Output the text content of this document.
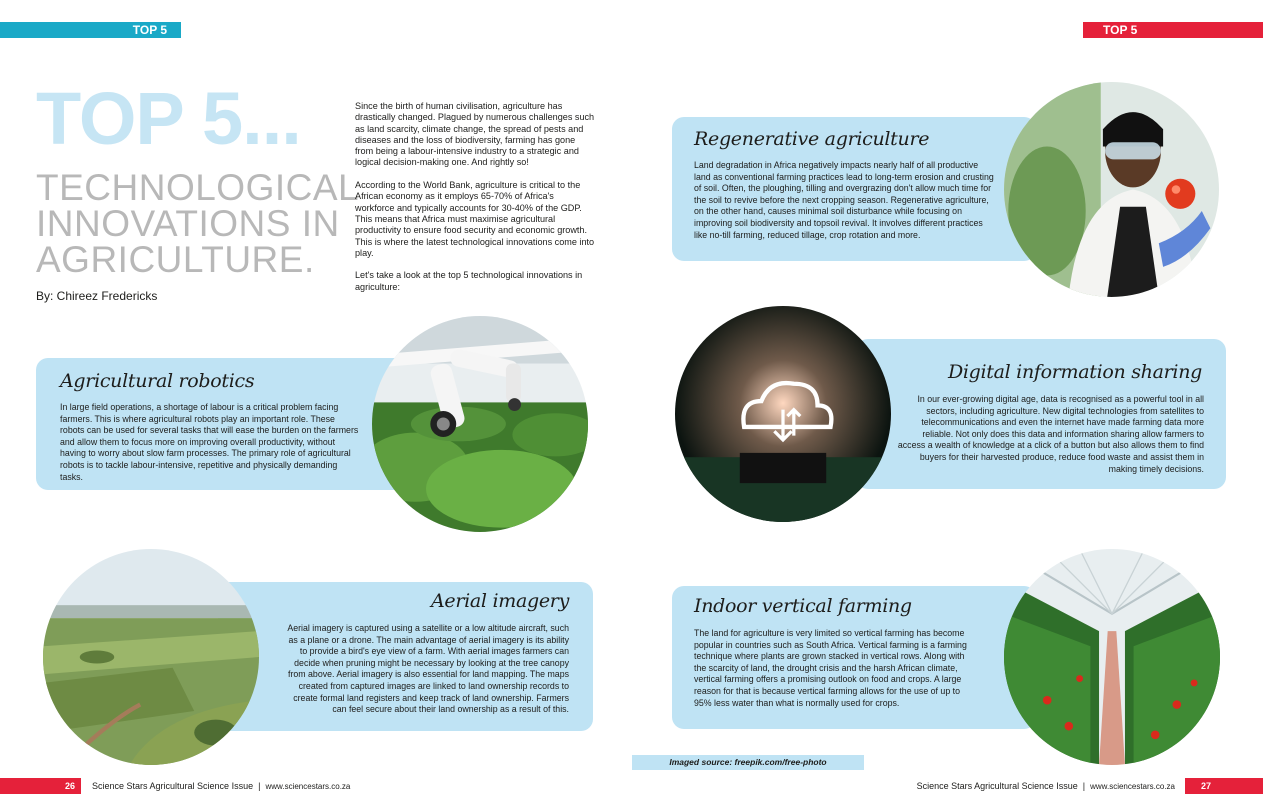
TOP 5	TOP 5
TOP 5...
TECHNOLOGICAL
INNOVATIONS IN
AGRICULTURE.
By: Chireez Fredericks

Since the birth of human civilisation, agriculture has drastically changed. Plagued by numerous challenges such as land scarcity, climate change, the spread of pests and diseases and the loss of biodiversity, farming has gone from being a labour-intensive industry to a strategic and logical decision-making one. And rightly so!

According to the World Bank, agriculture is critical to the African economy as it employs 65-70% of Africa's workforce and typically accounts for 30-40% of the GDP. This means that Africa must maximise agricultural productivity to ensure food security and economic growth. This is where the latest technological innovations come into play.

Let's take a look at the top 5 technological innovations in agriculture:

Regenerative agriculture

Land degradation in Africa negatively impacts nearly half of all productive land as conventional farming practices lead to long-term erosion and crusting of soil. Often, the ploughing, tilling and overgrazing don't allow much time for the soil to revive before the next cropping season. Regenerative agriculture, on the other hand, causes minimal soil disturbance while focusing on improving soil biodiversity and topsoil revival. It involves different practices like no-till farming, reduced tillage, crop rotation and more.

Agricultural robotics

In large field operations, a shortage of labour is a critical problem facing farmers. This is where agricultural robots play an important role. These robots can be used for several tasks that will ease the burden on the farmers and allow them to focus more on improving overall productivity, without having to worry about slow farm processes. The primary role of agricultural robots is to tackle labour-intensive, repetitive and physically demanding tasks.

Digital information sharing

In our ever-growing digital age, data is recognised as a powerful tool in all sectors, including agriculture. New digital technologies from satellites to telecommunications and even the internet have made farming data more reliable. Not only does this data and information sharing allow farmers to access a wealth of knowledge at a click of a button but also allows them to find buyers for their harvested produce, reduce food waste and assist them in making timely decisions.

Aerial imagery

Aerial imagery is captured using a satellite or a low altitude aircraft, such as a plane or a drone. The main advantage of aerial imagery is its ability to provide a bird's eye view of a farm. With aerial images farmers can decide when pruning might be necessary by looking at the tree canopy from above. Aerial imagery is also essential for land mapping. The maps created from captured images are linked to land ownership records to create formal land registers and keep track of land ownership. Farmers can feel secure about their land ownership as a result of this.

Indoor vertical farming

The land for agriculture is very limited so vertical farming has become popular in countries such as South Africa. Vertical farming is a farming technique where plants are grown stacked in vertical rows. Along with the scarcity of land, the drought crisis and the harsh African climate, vertical farming offers a promising outlook on food and crops. A large reason for that is because vertical farming allows for the use of up to 95% less water than what is normally used for crops.

Imaged source: freepik.com/free-photo
26	Science Stars Agricultural Science Issue | www.sciencestars.co.za	Science Stars Agricultural Science Issue | www.sciencestars.co.za	27
